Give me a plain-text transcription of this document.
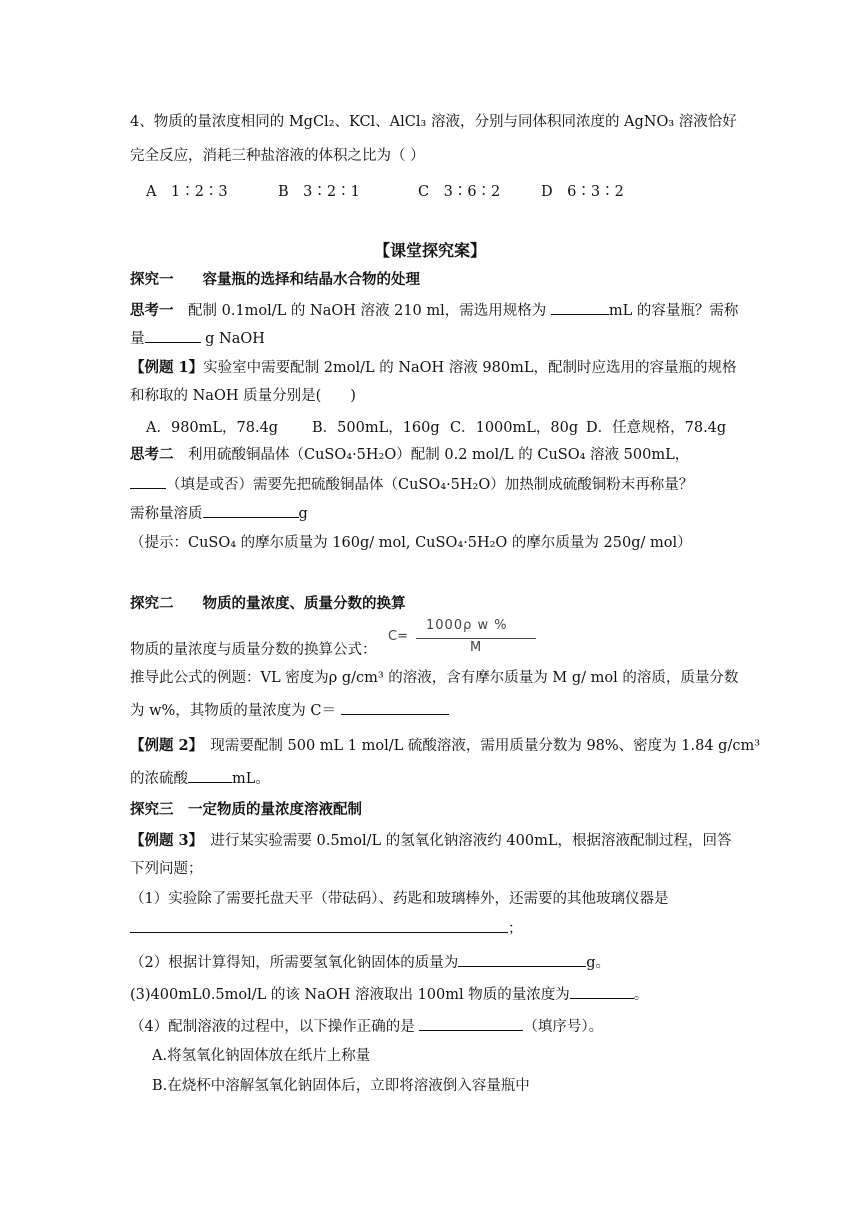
4、物质的量浓度相同的 MgCl₂、KCl、AlCl₃ 溶液，分别与同体积同浓度的 AgNO₃ 溶液恰好
完全反应，消耗三种盐溶液的体积之比为（ ）
A　1∶2∶3	B　3∶2∶1	C　3∶6∶2	D　6∶3∶2
【课堂探究案】
探究一　　容量瓶的选择和结晶水合物的处理
思考一　配制 0.1mol/L 的 NaOH 溶液 210 ml，需选用规格为	mL 的容量瓶？需称
量	g NaOH
【例题 1】实验室中需要配制 2mol/L 的 NaOH 溶液 980mL，配制时应选用的容量瓶的规格
和称取的 NaOH 质量分别是(　　)
A．980mL，78.4g B．500mL，160g C．1000mL，80g D．任意规格，78.4g
思考二　利用硫酸铜晶体（CuSO₄·5H₂O）配制 0.2 mol/L 的 CuSO₄ 溶液 500mL，
（填是或否）需要先把硫酸铜晶体（CuSO₄·5H₂O）加热制成硫酸铜粉末再称量？
需称量溶质	g
（提示：CuSO₄ 的摩尔质量为 160g/ mol, CuSO₄·5H₂O 的摩尔质量为 250g/ mol）
探究二　　物质的量浓度、质量分数的换算
物质的量浓度与质量分数的换算公式：
C=
1000ρ w %
M
推导此公式的例题：VL 密度为ρ g/cm³ 的溶液，含有摩尔质量为 M g/ mol 的溶质，质量分数
为 w%，其物质的量浓度为 C＝
【例题 2】　现需要配制 500 mL 1 mol/L 硫酸溶液，需用质量分数为 98%、密度为 1.84 g/cm³
的浓硫酸	mL。
探究三　一定物质的量浓度溶液配制
【例题 3】　进行某实验需要 0.5mol/L 的氢氧化钠溶液约 400mL，根据溶液配制过程，回答
下列问题；
（1）实验除了需要托盘天平（带砝码）、药匙和玻璃棒外，还需要的其他玻璃仪器是
；
（2）根据计算得知，所需要氢氧化钠固体的质量为	g。
(3)400mL0.5mol/L 的该 NaOH 溶液取出 100ml 物质的量浓度为	。
（4）配制溶液的过程中，以下操作正确的是	（填序号）。
A.将氢氧化钠固体放在纸片上称量
B.在烧杯中溶解氢氧化钠固体后，立即将溶液倒入容量瓶中
